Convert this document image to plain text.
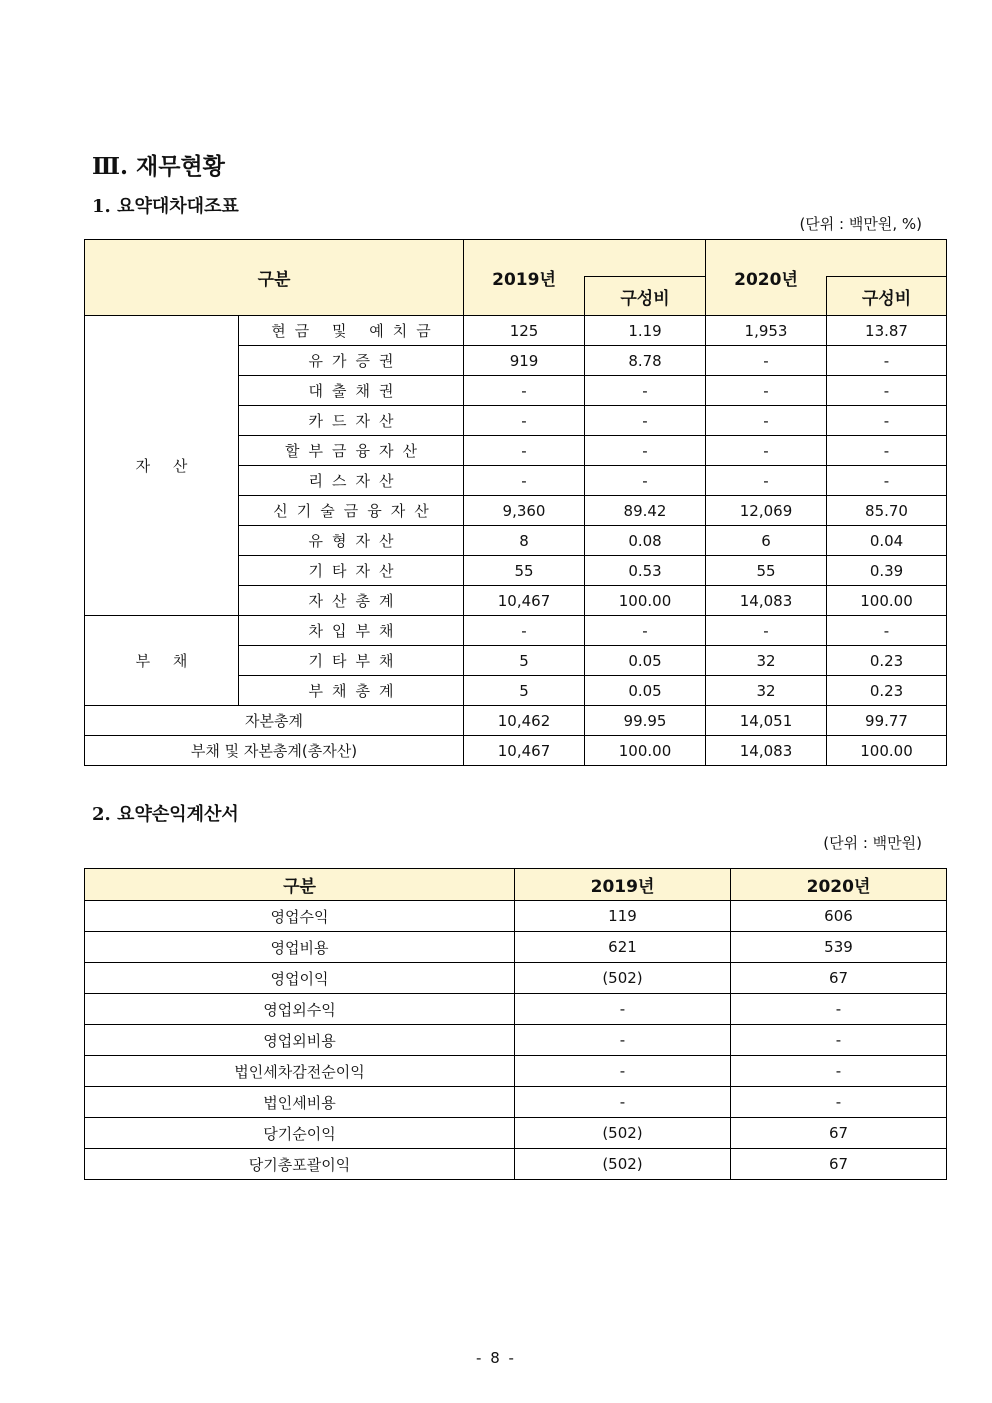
Ⅲ. 재무현황
1. 요약대차대조표
(단위 : 백만원, %)
구분		2019년		2020년	
			구성비		구성비
자 산	현금 및 예치금	125	1.19	1,953	13.87
	유가증권	919	8.78	-	-
	대출채권	-	-	-	-
	카드자산	-	-	-	-
	할부금융자산	-	-	-	-
	리스자산	-	-	-	-
	신기술금융자산	9,360	89.42	12,069	85.70
	유형자산	8	0.08	6	0.04
	기타자산	55	0.53	55	0.39
	자산총계	10,467	100.00	14,083	100.00
부 채	차입부채	-	-	-	-
	기타부채	5	0.05	32	0.23
	부채총계	5	0.05	32	0.23
자본총계		10,462	99.95	14,051	99.77
부채 및 자본총계(총자산)		10,467	100.00	14,083	100.00
2. 요약손익계산서
(단위 : 백만원)
구분	2019년	2020년
영업수익	119	606
영업비용	621	539
영업이익	(502)	67
영업외수익	-	-
영업외비용	-	-
법인세차감전순이익	-	-
법인세비용	-	-
당기순이익	(502)	67
당기총포괄이익	(502)	67
- 8 -
